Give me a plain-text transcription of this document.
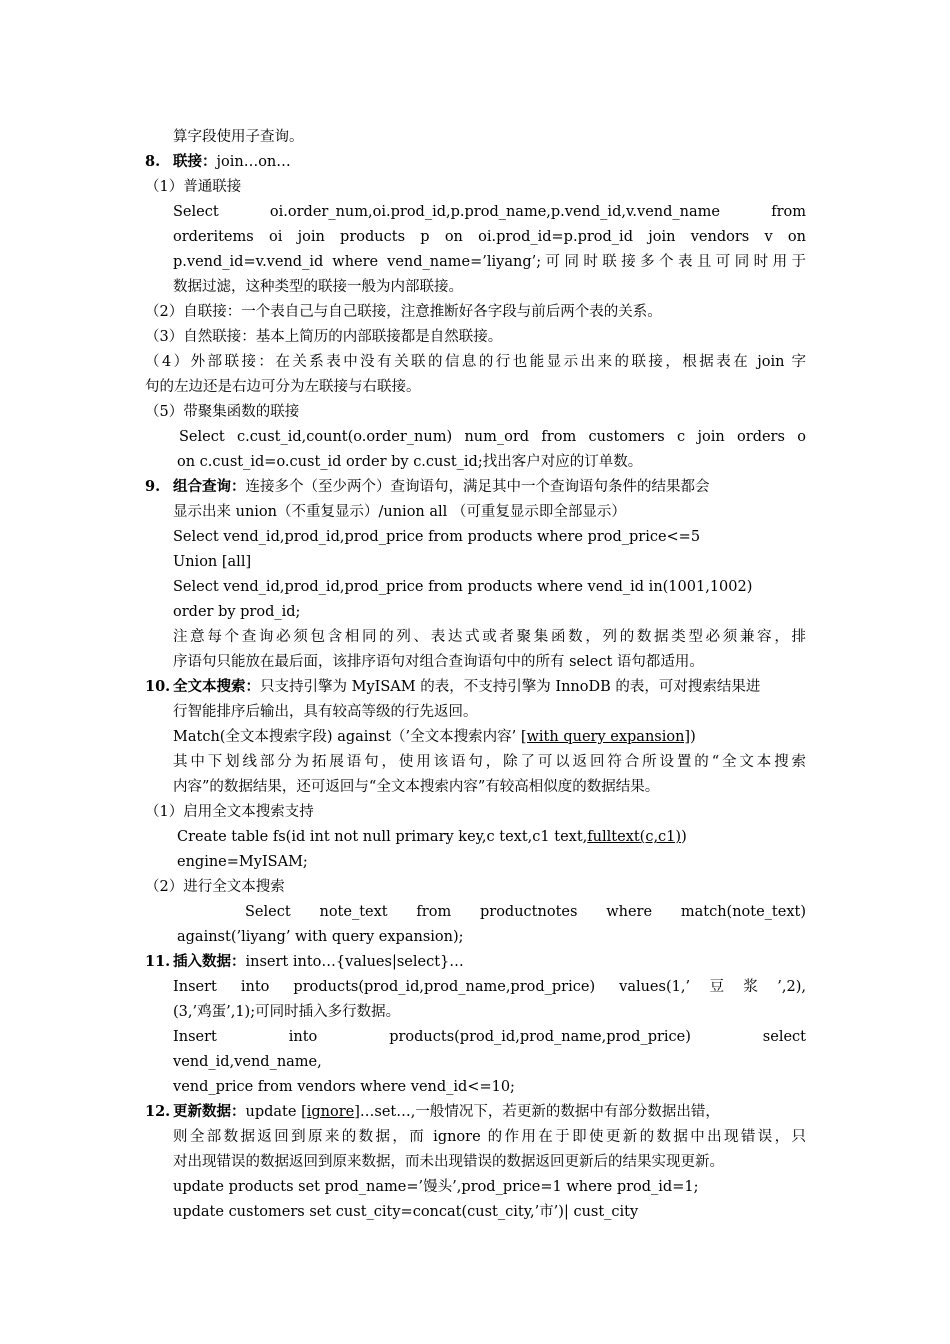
算字段使用子查询。
8. 联接：join…on…
（1）普通联接
Select oi.order_num,oi.prod_id,p.prod_name,p.vend_id,v.vend_name from
orderitems oi join products p on oi.prod_id=p.prod_id join vendors v on
p.vend_id=v.vend_id where vend_name=’liyang’;可同时联接多个表且可同时用于
数据过滤，这种类型的联接一般为内部联接。
（2）自联接：一个表自己与自己联接，注意推断好各字段与前后两个表的关系。
（3）自然联接：基本上简历的内部联接都是自然联接。
（4）外部联接：在关系表中没有关联的信息的行也能显示出来的联接，根据表在 join 字
句的左边还是右边可分为左联接与右联接。
（5）带聚集函数的联接
Select c.cust_id,count(o.order_num) num_ord from customers c join orders o
on c.cust_id=o.cust_id order by c.cust_id;找出客户对应的订单数。
9. 组合查询：连接多个（至少两个）查询语句，满足其中一个查询语句条件的结果都会
显示出来 union（不重复显示）/union all （可重复显示即全部显示）
Select vend_id,prod_id,prod_price from products where prod_price<=5
Union [all]
Select vend_id,prod_id,prod_price from products where vend_id in(1001,1002)
order by prod_id;
注意每个查询必须包含相同的列、表达式或者聚集函数，列的数据类型必须兼容，排
序语句只能放在最后面，该排序语句对组合查询语句中的所有 select 语句都适用。
10. 全文本搜索：只支持引擎为 MyISAM 的表，不支持引擎为 InnoDB 的表，可对搜索结果进
行智能排序后输出，具有较高等级的行先返回。
Match(全文本搜索字段) against（’全文本搜索内容’ [with query expansion])
其中下划线部分为拓展语句，使用该语句，除了可以返回符合所设置的“全文本搜索
内容”的数据结果，还可返回与“全文本搜索内容”有较高相似度的数据结果。
（1）启用全文本搜索支持
Create table fs(id int not null primary key,c text,c1 text,fulltext(c,c1))
engine=MyISAM;
（2）进行全文本搜索
Select note_text from productnotes where match(note_text)
against(’liyang’ with query expansion);
11. 插入数据：insert into…{values|select}…
Insert into products(prod_id,prod_name,prod_price) values(1,’豆浆’,2),
(3,’鸡蛋’,1);可同时插入多行数据。
Insert into products(prod_id,prod_name,prod_price) select
vend_id,vend_name,
vend_price from vendors where vend_id<=10;
12. 更新数据：update [ignore]…set…,一般情况下，若更新的数据中有部分数据出错，
则全部数据返回到原来的数据，而 ignore 的作用在于即使更新的数据中出现错误，只
对出现错误的数据返回到原来数据，而未出现错误的数据返回更新后的结果实现更新。
update products set prod_name=’馒头’,prod_price=1 where prod_id=1;
update customers set cust_city=concat(cust_city,’市’)| cust_city
